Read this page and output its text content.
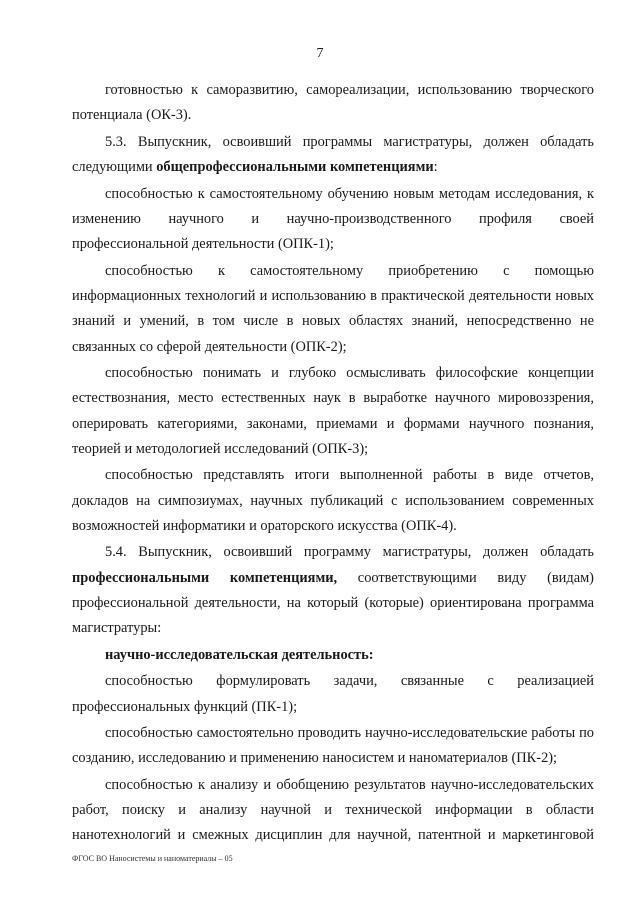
7

готовностью к саморазвитию, самореализации, использованию творческого потенциала (ОК-3).

5.3. Выпускник, освоивший программы магистратуры, должен обладать следующими общепрофессиональными компетенциями:

способностью к самостоятельному обучению новым методам исследования, к изменению научного и научно-производственного профиля своей профессиональной деятельности (ОПК-1);

способностью к самостоятельному приобретению с помощью информационных технологий и использованию в практической деятельности новых знаний и умений, в том числе в новых областях знаний, непосредственно не связанных со сферой деятельности (ОПК-2);

способностью понимать и глубоко осмысливать философские концепции естествознания, место естественных наук в выработке научного мировоззрения, оперировать категориями, законами, приемами и формами научного познания, теорией и методологией исследований (ОПК-3);

способностью представлять итоги выполненной работы в виде отчетов, докладов на симпозиумах, научных публикаций с использованием современных возможностей информатики и ораторского искусства (ОПК-4).

5.4. Выпускник, освоивший программу магистратуры, должен обладать профессиональными компетенциями, соответствующими виду (видам) профессиональной деятельности, на который (которые) ориентирована программа магистратуры:

научно-исследовательская деятельность:

способностью формулировать задачи, связанные с реализацией профессиональных функций (ПК-1);

способностью самостоятельно проводить научно-исследовательские работы по созданию, исследованию и применению наносистем и наноматериалов (ПК-2);

способностью к анализу и обобщению результатов научно-исследовательских работ, поиску и анализу научной и технической информации в области нанотехнологий и смежных дисциплин для научной, патентной и маркетинговой

ФГОС ВО Наносистемы и наноматериалы – 05
